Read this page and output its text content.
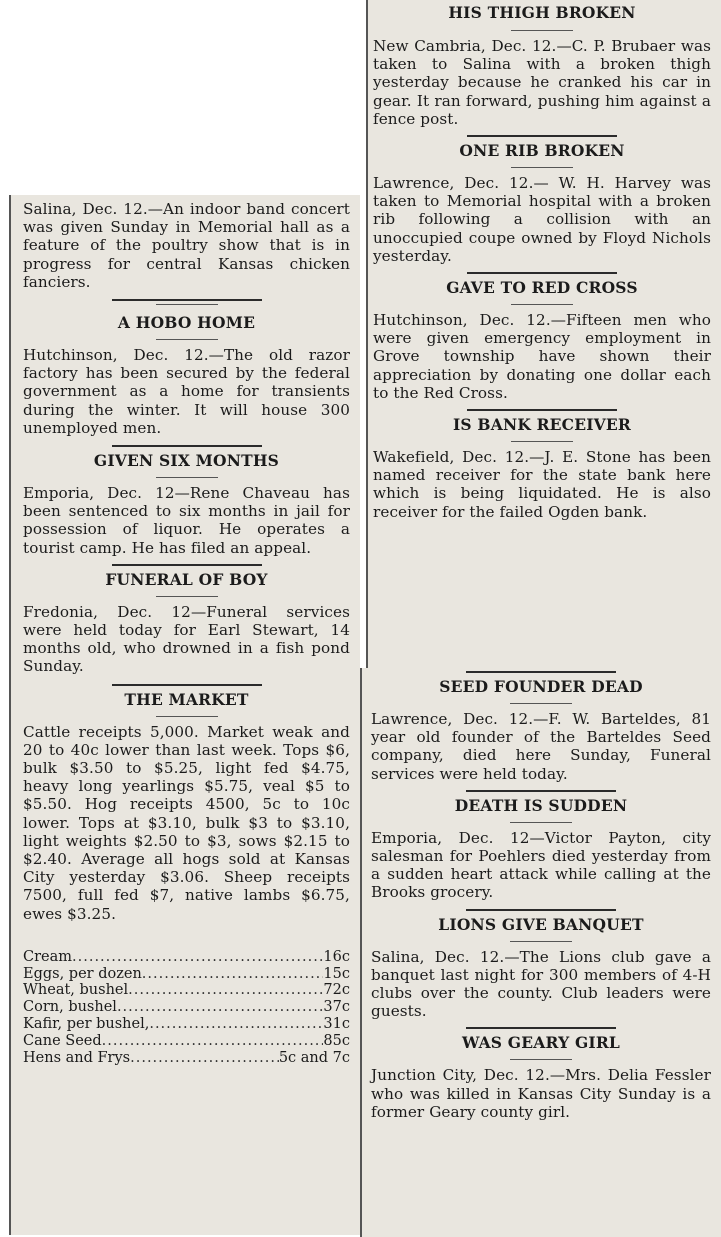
Salina, Dec. 12.—An indoor band concert was given Sunday in Memorial hall as a feature of the poultry show that is in progress for central Kansas chicken fanciers.

A HOBO HOME

Hutchinson, Dec. 12.—The old razor factory has been secured by the federal government as a home for transients during the winter. It will house 300 unemployed men.

GIVEN SIX MONTHS

Emporia, Dec. 12—Rene Chaveau has been sentenced to six months in jail for possession of liquor. He operates a tourist camp. He has filed an appeal.

FUNERAL OF BOY

Fredonia, Dec. 12—Funeral services were held today for Earl Stewart, 14 months old, who drowned in a fish pond Sunday.

THE MARKET

Cattle receipts 5,000. Market weak and 20 to 40c lower than last week. Tops $6, bulk $3.50 to $5.25, light fed $4.75, heavy long yearlings $5.75, veal $5 to $5.50. Hog receipts 4500, 5c to 10c lower. Tops at $3.10, bulk $3 to $3.10, light weights $2.50 to $3, sows $2.15 to $2.40. Average all hogs sold at Kansas City yesterday $3.06. Sheep receipts 7500, full fed $7, native lambs $6.75, ewes $3.25.

Cream .....	16c
Eggs, per dozen .....	15c
Wheat, bushel .....	72c
Corn, bushel .....	37c
Kafir, per bushel, .....	31c
Cane Seed .....	85c
Hens and Frys .....	5c and 7c
HIS THIGH BROKEN

New Cambria, Dec. 12.—C. P. Brubaer was taken to Salina with a broken thigh yesterday because he cranked his car in gear. It ran forward, pushing him against a fence post.

ONE RIB BROKEN

Lawrence, Dec. 12.— W. H. Harvey was taken to Memorial hospital with a broken rib following a collision with an unoccupied coupe owned by Floyd Nichols yesterday.

GAVE TO RED CROSS

Hutchinson, Dec. 12.—Fifteen men who were given emergency employment in Grove township have shown their appreciation by donating one dollar each to the Red Cross.

IS BANK RECEIVER

Wakefield, Dec. 12.—J. E. Stone has been named receiver for the state bank here which is being liquidated. He is also receiver for the failed Ogden bank.

SEED FOUNDER DEAD

Lawrence, Dec. 12.—F. W. Barteldes, 81 year old founder of the Barteldes Seed company, died here Sunday, Funeral services were held today.

DEATH IS SUDDEN

Emporia, Dec. 12—Victor Payton, city salesman for Poehlers died yesterday from a sudden heart attack while calling at the Brooks grocery.

LIONS GIVE BANQUET

Salina, Dec. 12.—The Lions club gave a banquet last night for 300 members of 4-H clubs over the county. Club leaders were guests.

WAS GEARY GIRL

Junction City, Dec. 12.—Mrs. Delia Fessler who was killed in Kansas City Sunday is a former Geary county girl.
